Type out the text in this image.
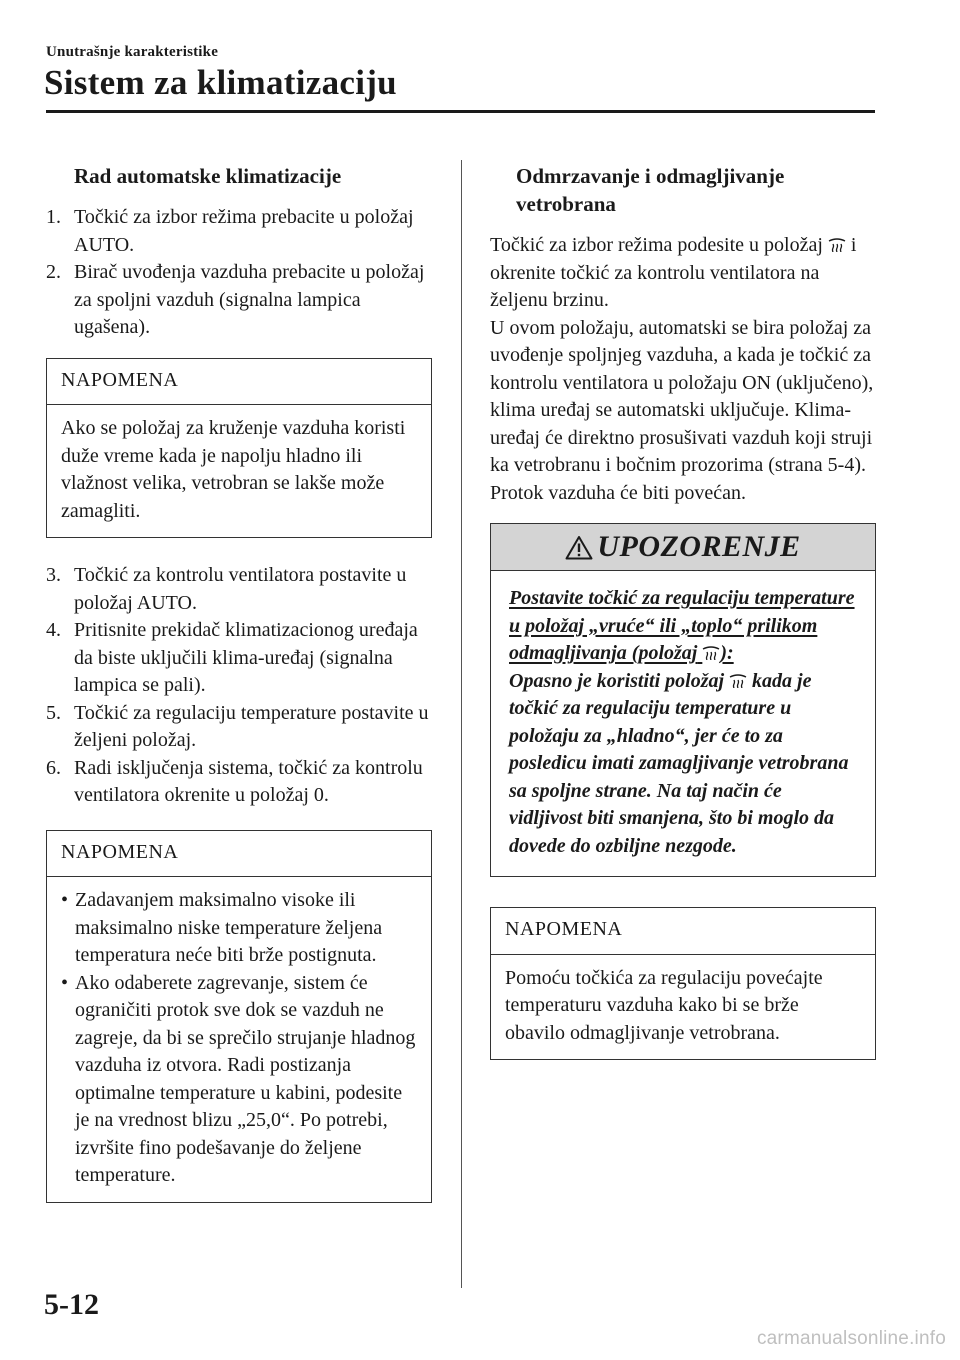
Unutrašnje karakteristike
Sistem za klimatizaciju
Rad automatske klimatizacije
1. Točkić za izbor režima prebacite u položaj AUTO.
2. Birač uvođenja vazduha prebacite u položaj za spoljni vazduh (signalna lampica ugašena).
NAPOMENA

Ako se položaj za kruženje vazduha koristi duže vreme kada je napolju hladno ili vlažnost velika, vetrobran se lakše može zamagliti.

3. Točkić za kontrolu ventilatora postavite u položaj AUTO.
4. Pritisnite prekidač klimatizacionog uređaja da biste uključili klima-uređaj (signalna lampica se pali).
5. Točkić za regulaciju temperature postavite u željeni položaj.
6. Radi isključenja sistema, točkić za kontrolu ventilatora okrenite u položaj 0.
NAPOMENA
• Zadavanjem maksimalno visoke ili maksimalno niske temperature željena temperatura neće biti brže postignuta.
• Ako odaberete zagrevanje, sistem će ograničiti protok sve dok se vazduh ne zagreje, da bi se sprečilo strujanje hladnog vazduha iz otvora. Radi postizanja optimalne temperature u kabini, podesite je na vrednost blizu „25,0“. Po potrebi, izvršite fino podešavanje do željene temperature.
Odmrzavanje i odmagljivanje vetrobrana

Točkić za izbor režima podesite u položaj i okrenite točkić za kontrolu ventilatora na željenu brzinu.

U ovom položaju, automatski se bira položaj za uvođenje spoljnjeg vazduha, a kada je točkić za kontrolu ventilatora u položaju ON (uključeno), klima uređaj se automatski uključuje. Klima-uređaj će direktno prosušivati vazduh koji struji ka vetrobranu i bočnim prozorima (strana 5-4). Protok vazduha će biti povećan.

UPOZORENJE
Postavite točkić za regulaciju temperature u položaj „vruće“ ili „toplo“ prilikom odmagljivanja (položaj ):
Opasno je koristiti položaj kada je točkić za regulaciju temperature u položaju za „hladno“, jer će to za posledicu imati zamagljivanje vetrobrana sa spoljne strane. Na taj način će vidljivost biti smanjena, što bi moglo da dovede do ozbiljne nezgode.
NAPOMENA

Pomoću točkića za regulaciju povećajte temperaturu vazduha kako bi se brže obavilo odmagljivanje vetrobrana.

5-12
carmanualsonline.info
